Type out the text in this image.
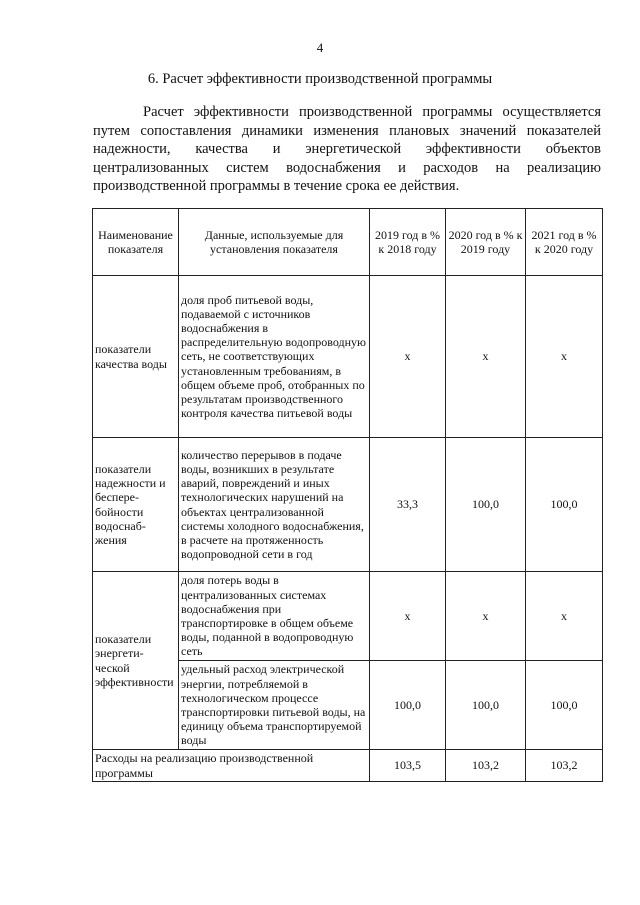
4
6. Расчет эффективности производственной программы

Расчет эффективности производственной программы осуществляется путем сопоставления динамики изменения плановых значений показателей надежности, качества и энергетической эффективности объектов централизованных систем водоснабжения и расходов на реализацию производственной программы в течение срока ее действия.

Наименование показателя	Данные, используемые для установления показателя	2019 год в % к 2018 году	2020 год в % к 2019 году	2021 год в % к 2020 году
показатели качества воды	доля проб питьевой воды, подаваемой с источников водоснабжения в распределительную водопроводную сеть, не соответствующих установленным требованиям, в общем объеме проб, отобранных по результатам производственного контроля качества питьевой воды	х	х	х
показатели надежности и беспере-бойности водоснаб-жения	количество перерывов в подаче воды, возникших в результате аварий, повреждений и иных технологических нарушений на объектах централизованной системы холодного водоснабжения, в расчете на протяженность водопроводной сети в год	33,3	100,0	100,0
показатели энергети-ческой эффективности	доля потерь воды в централизованных системах водоснабжения при транспортировке в общем объеме воды, поданной в водопроводную сеть	х	х	х
	удельный расход электрической энергии, потребляемой в технологическом процессе транспортировки питьевой воды, на единицу объема транспортируемой воды	100,0	100,0	100,0
Расходы на реализацию производственной программы		103,5	103,2	103,2
